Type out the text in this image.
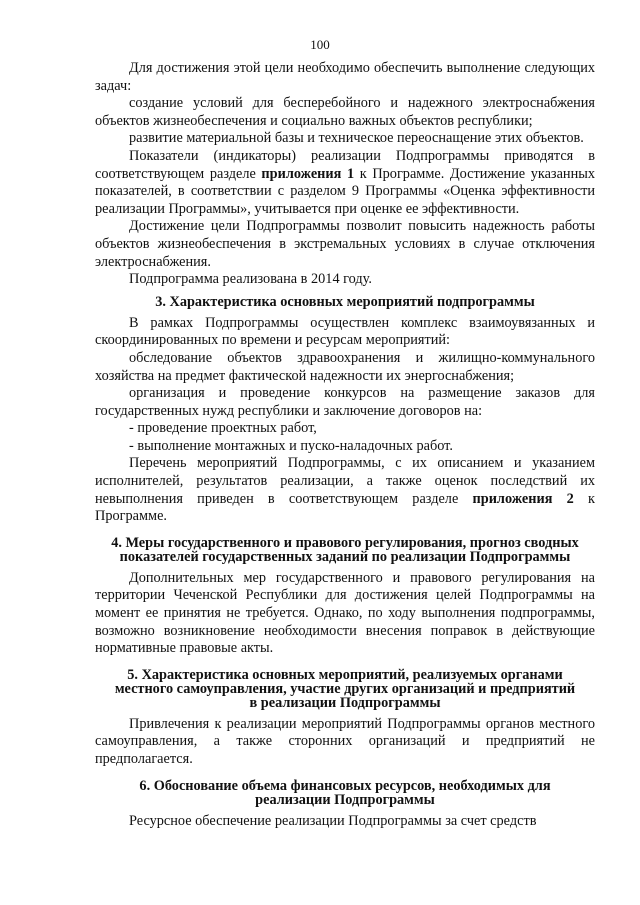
100

Для достижения этой цели необходимо обеспечить выполнение следующих задач:

создание условий для бесперебойного и надежного электроснабжения объектов жизнеобеспечения и социально важных объектов республики;

развитие материальной базы и техническое переоснащение этих объектов.

Показатели (индикаторы) реализации Подпрограммы приводятся в соответствующем разделе приложения 1 к Программе. Достижение указанных показателей, в соответствии с разделом 9 Программы «Оценка эффективности реализации Программы», учитывается при оценке ее эффективности.

Достижение цели Подпрограммы позволит повысить надежность работы объектов жизнеобеспечения в экстремальных условиях в случае отключения электроснабжения.

Подпрограмма реализована в 2014 году.

3. Характеристика основных мероприятий подпрограммы

В рамках Подпрограммы осуществлен комплекс взаимоувязанных и скоординированных по времени и ресурсам мероприятий:

обследование объектов здравоохранения и жилищно-коммунального хозяйства на предмет фактической надежности их энергоснабжения;

организация и проведение конкурсов на размещение заказов для государственных нужд республики и заключение договоров на:

- проведение проектных работ,

- выполнение монтажных и пуско-наладочных работ.

Перечень мероприятий Подпрограммы, с их описанием и указанием исполнителей, результатов реализации, а также оценок последствий их невыполнения приведен в соответствующем разделе приложения 2 к Программе.

4. Меры государственного и правового регулирования, прогноз сводных
показателей государственных заданий по реализации Подпрограммы

Дополнительных мер государственного и правового регулирования на территории Чеченской Республики для достижения целей Подпрограммы на момент ее принятия не требуется. Однако, по ходу выполнения подпрограммы, возможно возникновение необходимости внесения поправок в действующие нормативные правовые акты.

5. Характеристика основных мероприятий, реализуемых органами
местного самоуправления, участие других организаций и предприятий
в реализации Подпрограммы

Привлечения к реализации мероприятий Подпрограммы органов местного самоуправления, а также сторонних организаций и предприятий не предполагается.

6. Обоснование объема финансовых ресурсов, необходимых для
реализации Подпрограммы

Ресурсное обеспечение реализации Подпрограммы за счет средств
